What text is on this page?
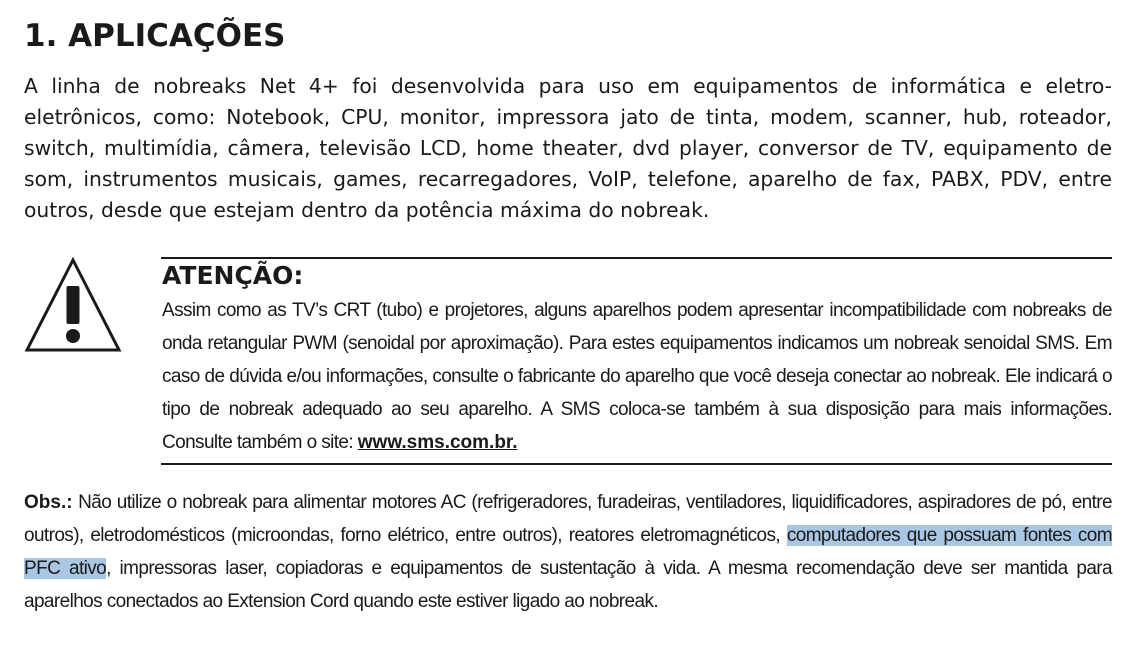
1. APLICAÇÕES

A linha de nobreaks Net 4+ foi desenvolvida para uso em equipamentos de informática e eletro-eletrônicos, como: Notebook, CPU, monitor, impressora jato de tinta, modem, scanner, hub, roteador, switch, multimídia, câmera, televisão LCD, home theater, dvd player, conversor de TV, equipamento de som, instrumentos musicais, games, recarregadores, VoIP, telefone, aparelho de fax, PABX, PDV, entre outros, desde que estejam dentro da potência máxima do nobreak.

ATENÇÃO:

Assim como as TV’s CRT (tubo) e projetores, alguns aparelhos podem apresentar incompatibilidade com nobreaks de onda retangular PWM (senoidal por aproximação). Para estes equipamentos indicamos um nobreak senoidal SMS. Em caso de dúvida e/ou informações, consulte o fabricante do aparelho que você deseja conectar ao nobreak. Ele indicará o tipo de nobreak adequado ao seu aparelho. A SMS coloca-se também à sua disposição para mais informações. Consulte também o site: www.sms.com.br.

Obs.: Não utilize o nobreak para alimentar motores AC (refrigeradores, furadeiras, ventiladores, liquidificadores, aspiradores de pó, entre outros), eletrodomésticos (microondas, forno elétrico, entre outros), reatores eletromagnéticos, computadores que possuam fontes com PFC ativo, impressoras laser, copiadoras e equipamentos de sustentação à vida. A mesma recomendação deve ser mantida para aparelhos conectados ao Extension Cord quando este estiver ligado ao nobreak.
